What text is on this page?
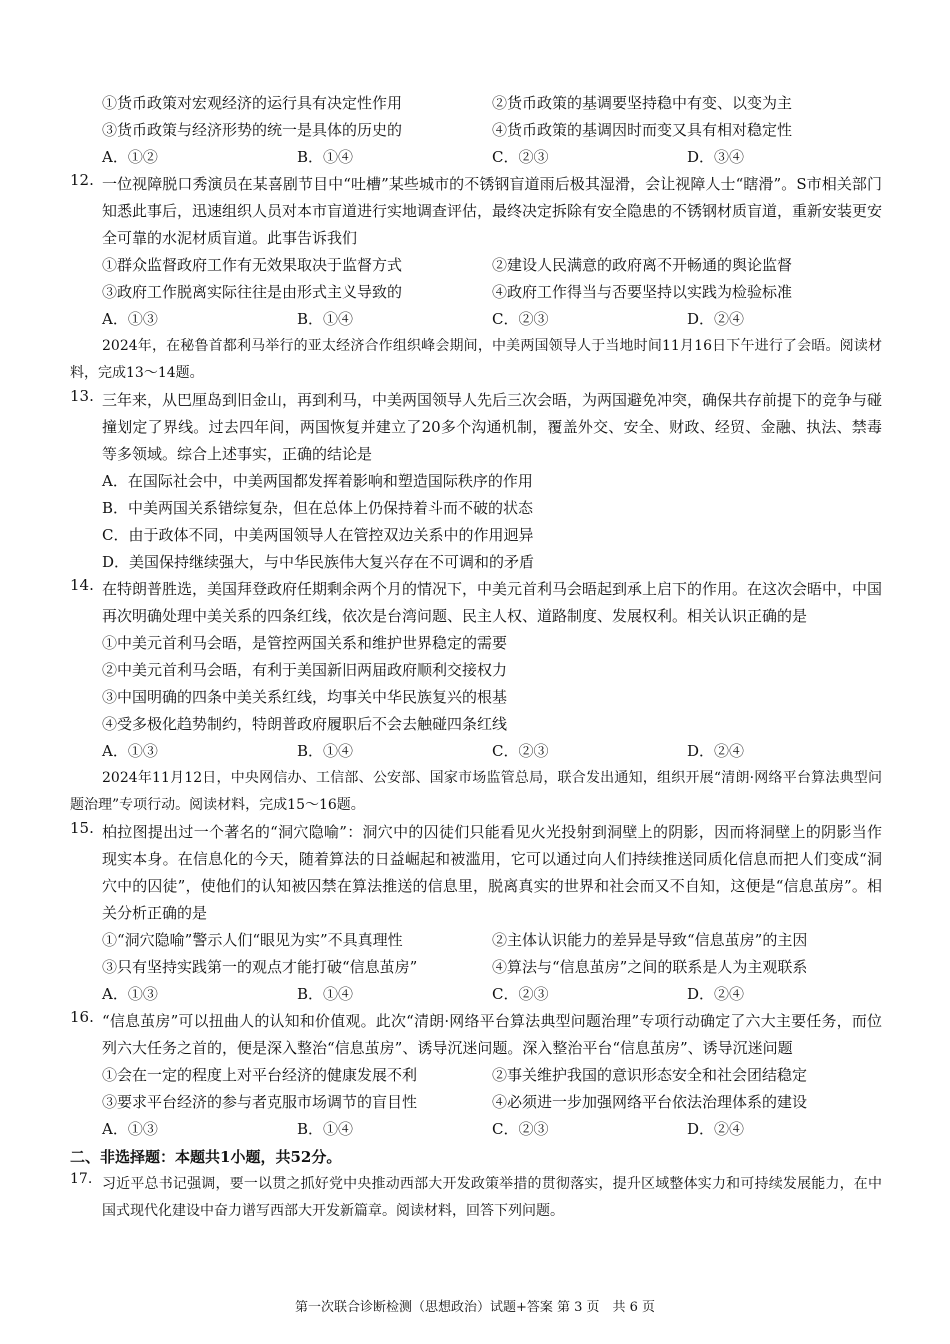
①货币政策对宏观经济的运行具有决定性作用	②货币政策的基调要坚持稳中有变、以变为主
③货币政策与经济形势的统一是具体的历史的	④货币政策的基调因时而变又具有相对稳定性
A．①②	B．①④	C．②③	D．③④
12. 一位视障脱口秀演员在某喜剧节目中“吐槽”某些城市的不锈钢盲道雨后极其湿滑，会让视障人士“瞎滑”。S市相关部门知悉此事后，迅速组织人员对本市盲道进行实地调查评估，最终决定拆除有安全隐患的不锈钢材质盲道，重新安装更安全可靠的水泥材质盲道。此事告诉我们
①群众监督政府工作有无效果取决于监督方式	②建设人民满意的政府离不开畅通的舆论监督
③政府工作脱离实际往往是由形式主义导致的	④政府工作得当与否要坚持以实践为检验标准
A．①③	B．①④	C．②③	D．②④
2024年，在秘鲁首都利马举行的亚太经济合作组织峰会期间，中美两国领导人于当地时间11月16日下午进行了会晤。阅读材料，完成13～14题。
13. 三年来，从巴厘岛到旧金山，再到利马，中美两国领导人先后三次会晤，为两国避免冲突，确保共存前提下的竞争与碰撞划定了界线。过去四年间，两国恢复并建立了20多个沟通机制，覆盖外交、安全、财政、经贸、金融、执法、禁毒等多领域。综合上述事实，正确的结论是
A．在国际社会中，中美两国都发挥着影响和塑造国际秩序的作用
B．中美两国关系错综复杂，但在总体上仍保持着斗而不破的状态
C．由于政体不同，中美两国领导人在管控双边关系中的作用迥异
D．美国保持继续强大，与中华民族伟大复兴存在不可调和的矛盾
14. 在特朗普胜选，美国拜登政府任期剩余两个月的情况下，中美元首利马会晤起到承上启下的作用。在这次会晤中，中国再次明确处理中美关系的四条红线，依次是台湾问题、民主人权、道路制度、发展权利。相关认识正确的是
①中美元首利马会晤，是管控两国关系和维护世界稳定的需要
②中美元首利马会晤，有利于美国新旧两届政府顺利交接权力
③中国明确的四条中美关系红线，均事关中华民族复兴的根基
④受多极化趋势制约，特朗普政府履职后不会去触碰四条红线
A．①③	B．①④	C．②③	D．②④
2024年11月12日，中央网信办、工信部、公安部、国家市场监管总局，联合发出通知，组织开展“清朗·网络平台算法典型问题治理”专项行动。阅读材料，完成15～16题。
15. 柏拉图提出过一个著名的“洞穴隐喻”：洞穴中的囚徒们只能看见火光投射到洞壁上的阴影，因而将洞壁上的阴影当作现实本身。在信息化的今天，随着算法的日益崛起和被滥用，它可以通过向人们持续推送同质化信息而把人们变成“洞穴中的囚徒”，使他们的认知被囚禁在算法推送的信息里，脱离真实的世界和社会而又不自知，这便是“信息茧房”。相关分析正确的是
①“洞穴隐喻”警示人们“眼见为实”不具真理性	②主体认识能力的差异是导致“信息茧房”的主因
③只有坚持实践第一的观点才能打破“信息茧房”	④算法与“信息茧房”之间的联系是人为主观联系
A．①③	B．①④	C．②③	D．②④
16. “信息茧房”可以扭曲人的认知和价值观。此次“清朗·网络平台算法典型问题治理”专项行动确定了六大主要任务，而位列六大任务之首的，便是深入整治“信息茧房”、诱导沉迷问题。深入整治平台“信息茧房”、诱导沉迷问题
①会在一定的程度上对平台经济的健康发展不利	②事关维护我国的意识形态安全和社会团结稳定
③要求平台经济的参与者克服市场调节的盲目性	④必须进一步加强网络平台依法治理体系的建设
A．①③	B．①④	C．②③	D．②④
二、非选择题：本题共1小题，共52分。
17. 习近平总书记强调，要一以贯之抓好党中央推动西部大开发政策举措的贯彻落实，提升区域整体实力和可持续发展能力，在中国式现代化建设中奋力谱写西部大开发新篇章。阅读材料，回答下列问题。
第一次联合诊断检测（思想政治）试题+答案 第 3 页　共 6 页
